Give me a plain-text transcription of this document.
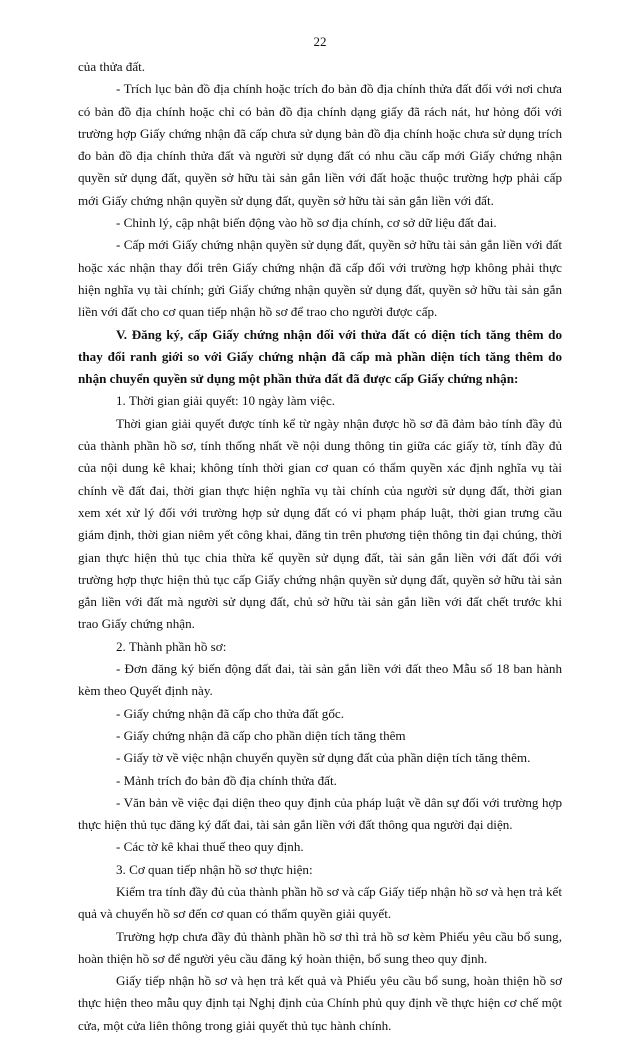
22

của thửa đất.

- Trích lục bản đồ địa chính hoặc trích đo bản đồ địa chính thửa đất đối với nơi chưa có bản đồ địa chính hoặc chỉ có bản đồ địa chính dạng giấy đã rách nát, hư hỏng đối với trường hợp Giấy chứng nhận đã cấp chưa sử dụng bản đồ địa chính hoặc chưa sử dụng trích đo bản đồ địa chính thửa đất và người sử dụng đất có nhu cầu cấp mới Giấy chứng nhận quyền sử dụng đất, quyền sở hữu tài sản gắn liền với đất hoặc thuộc trường hợp phải cấp mới Giấy chứng nhận quyền sử dụng đất, quyền sở hữu tài sản gắn liền với đất.

- Chỉnh lý, cập nhật biến động vào hồ sơ địa chính, cơ sở dữ liệu đất đai.

- Cấp mới Giấy chứng nhận quyền sử dụng đất, quyền sở hữu tài sản gắn liền với đất hoặc xác nhận thay đổi trên Giấy chứng nhận đã cấp đối với trường hợp không phải thực hiện nghĩa vụ tài chính; gửi Giấy chứng nhận quyền sử dụng đất, quyền sở hữu tài sản gắn liền với đất cho cơ quan tiếp nhận hồ sơ để trao cho người được cấp.

V. Đăng ký, cấp Giấy chứng nhận đối với thửa đất có diện tích tăng thêm do thay đổi ranh giới so với Giấy chứng nhận đã cấp mà phần diện tích tăng thêm do nhận chuyển quyền sử dụng một phần thửa đất đã được cấp Giấy chứng nhận:

1. Thời gian giải quyết: 10 ngày làm việc.

Thời gian giải quyết được tính kể từ ngày nhận được hồ sơ đã đảm bảo tính đầy đủ của thành phần hồ sơ, tính thống nhất về nội dung thông tin giữa các giấy tờ, tính đầy đủ của nội dung kê khai; không tính thời gian cơ quan có thẩm quyền xác định nghĩa vụ tài chính về đất đai, thời gian thực hiện nghĩa vụ tài chính của người sử dụng đất, thời gian xem xét xử lý đối với trường hợp sử dụng đất có vi phạm pháp luật, thời gian trưng cầu giám định, thời gian niêm yết công khai, đăng tin trên phương tiện thông tin đại chúng, thời gian thực hiện thủ tục chia thừa kế quyền sử dụng đất, tài sản gắn liền với đất đối với trường hợp thực hiện thủ tục cấp Giấy chứng nhận quyền sử dụng đất, quyền sở hữu tài sản gắn liền với đất mà người sử dụng đất, chủ sở hữu tài sản gắn liền với đất chết trước khi trao Giấy chứng nhận.

2. Thành phần hồ sơ:

- Đơn đăng ký biến động đất đai, tài sản gắn liền với đất theo Mẫu số 18 ban hành kèm theo Quyết định này.

- Giấy chứng nhận đã cấp cho thửa đất gốc.

- Giấy chứng nhận đã cấp cho phần diện tích tăng thêm

- Giấy tờ về việc nhận chuyển quyền sử dụng đất của phần diện tích tăng thêm.

- Mảnh trích đo bản đồ địa chính thửa đất.

- Văn bản về việc đại diện theo quy định của pháp luật về dân sự đối với trường hợp thực hiện thủ tục đăng ký đất đai, tài sản gắn liền với đất thông qua người đại diện.

- Các tờ kê khai thuế theo quy định.

3. Cơ quan tiếp nhận hồ sơ thực hiện:

Kiểm tra tính đầy đủ của thành phần hồ sơ và cấp Giấy tiếp nhận hồ sơ và hẹn trả kết quả và chuyển hồ sơ đến cơ quan có thẩm quyền giải quyết.

Trường hợp chưa đầy đủ thành phần hồ sơ thì trả hồ sơ kèm Phiếu yêu cầu bổ sung, hoàn thiện hồ sơ để người yêu cầu đăng ký hoàn thiện, bổ sung theo quy định.

Giấy tiếp nhận hồ sơ và hẹn trả kết quả và Phiếu yêu cầu bổ sung, hoàn thiện hồ sơ thực hiện theo mẫu quy định tại Nghị định của Chính phủ quy định về thực hiện cơ chế một cửa, một cửa liên thông trong giải quyết thủ tục hành chính.
